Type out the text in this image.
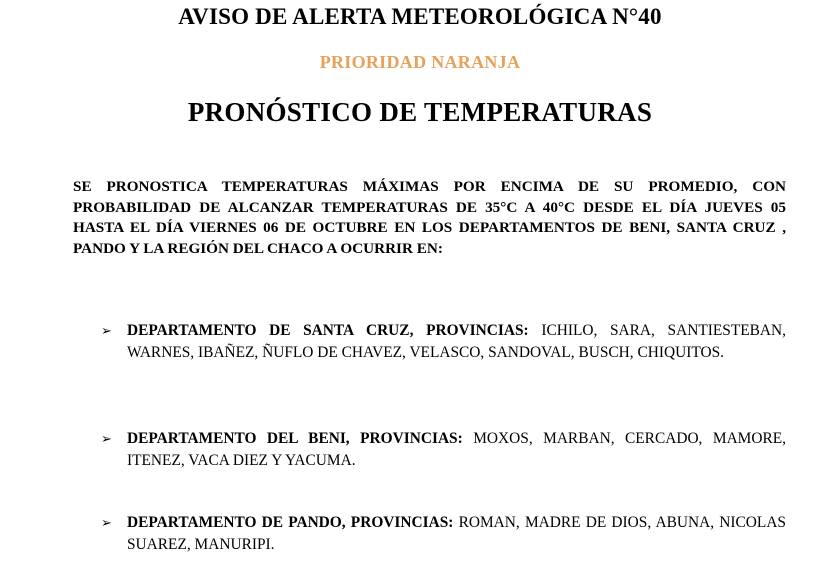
AVISO DE ALERTA METEOROLÓGICA N°40
PRIORIDAD NARANJA
PRONÓSTICO DE TEMPERATURAS

SE PRONOSTICA TEMPERATURAS MÁXIMAS POR ENCIMA DE SU PROMEDIO, CON PROBABILIDAD DE ALCANZAR TEMPERATURAS DE 35°C A 40°C DESDE EL DÍA JUEVES 05 HASTA EL DÍA VIERNES 06 DE OCTUBRE EN LOS DEPARTAMENTOS DE BENI, SANTA CRUZ , PANDO Y LA REGIÓN DEL CHACO A OCURRIR EN:

➢ DEPARTAMENTO DE SANTA CRUZ, PROVINCIAS: ICHILO, SARA, SANTIESTEBAN, WARNES, IBAÑEZ, ÑUFLO DE CHAVEZ, VELASCO, SANDOVAL, BUSCH, CHIQUITOS.

➢ DEPARTAMENTO DEL BENI, PROVINCIAS: MOXOS, MARBAN, CERCADO, MAMORE, ITENEZ, VACA DIEZ Y YACUMA.

➢ DEPARTAMENTO DE PANDO, PROVINCIAS: ROMAN, MADRE DE DIOS, ABUNA, NICOLAS SUAREZ, MANURIPI.
